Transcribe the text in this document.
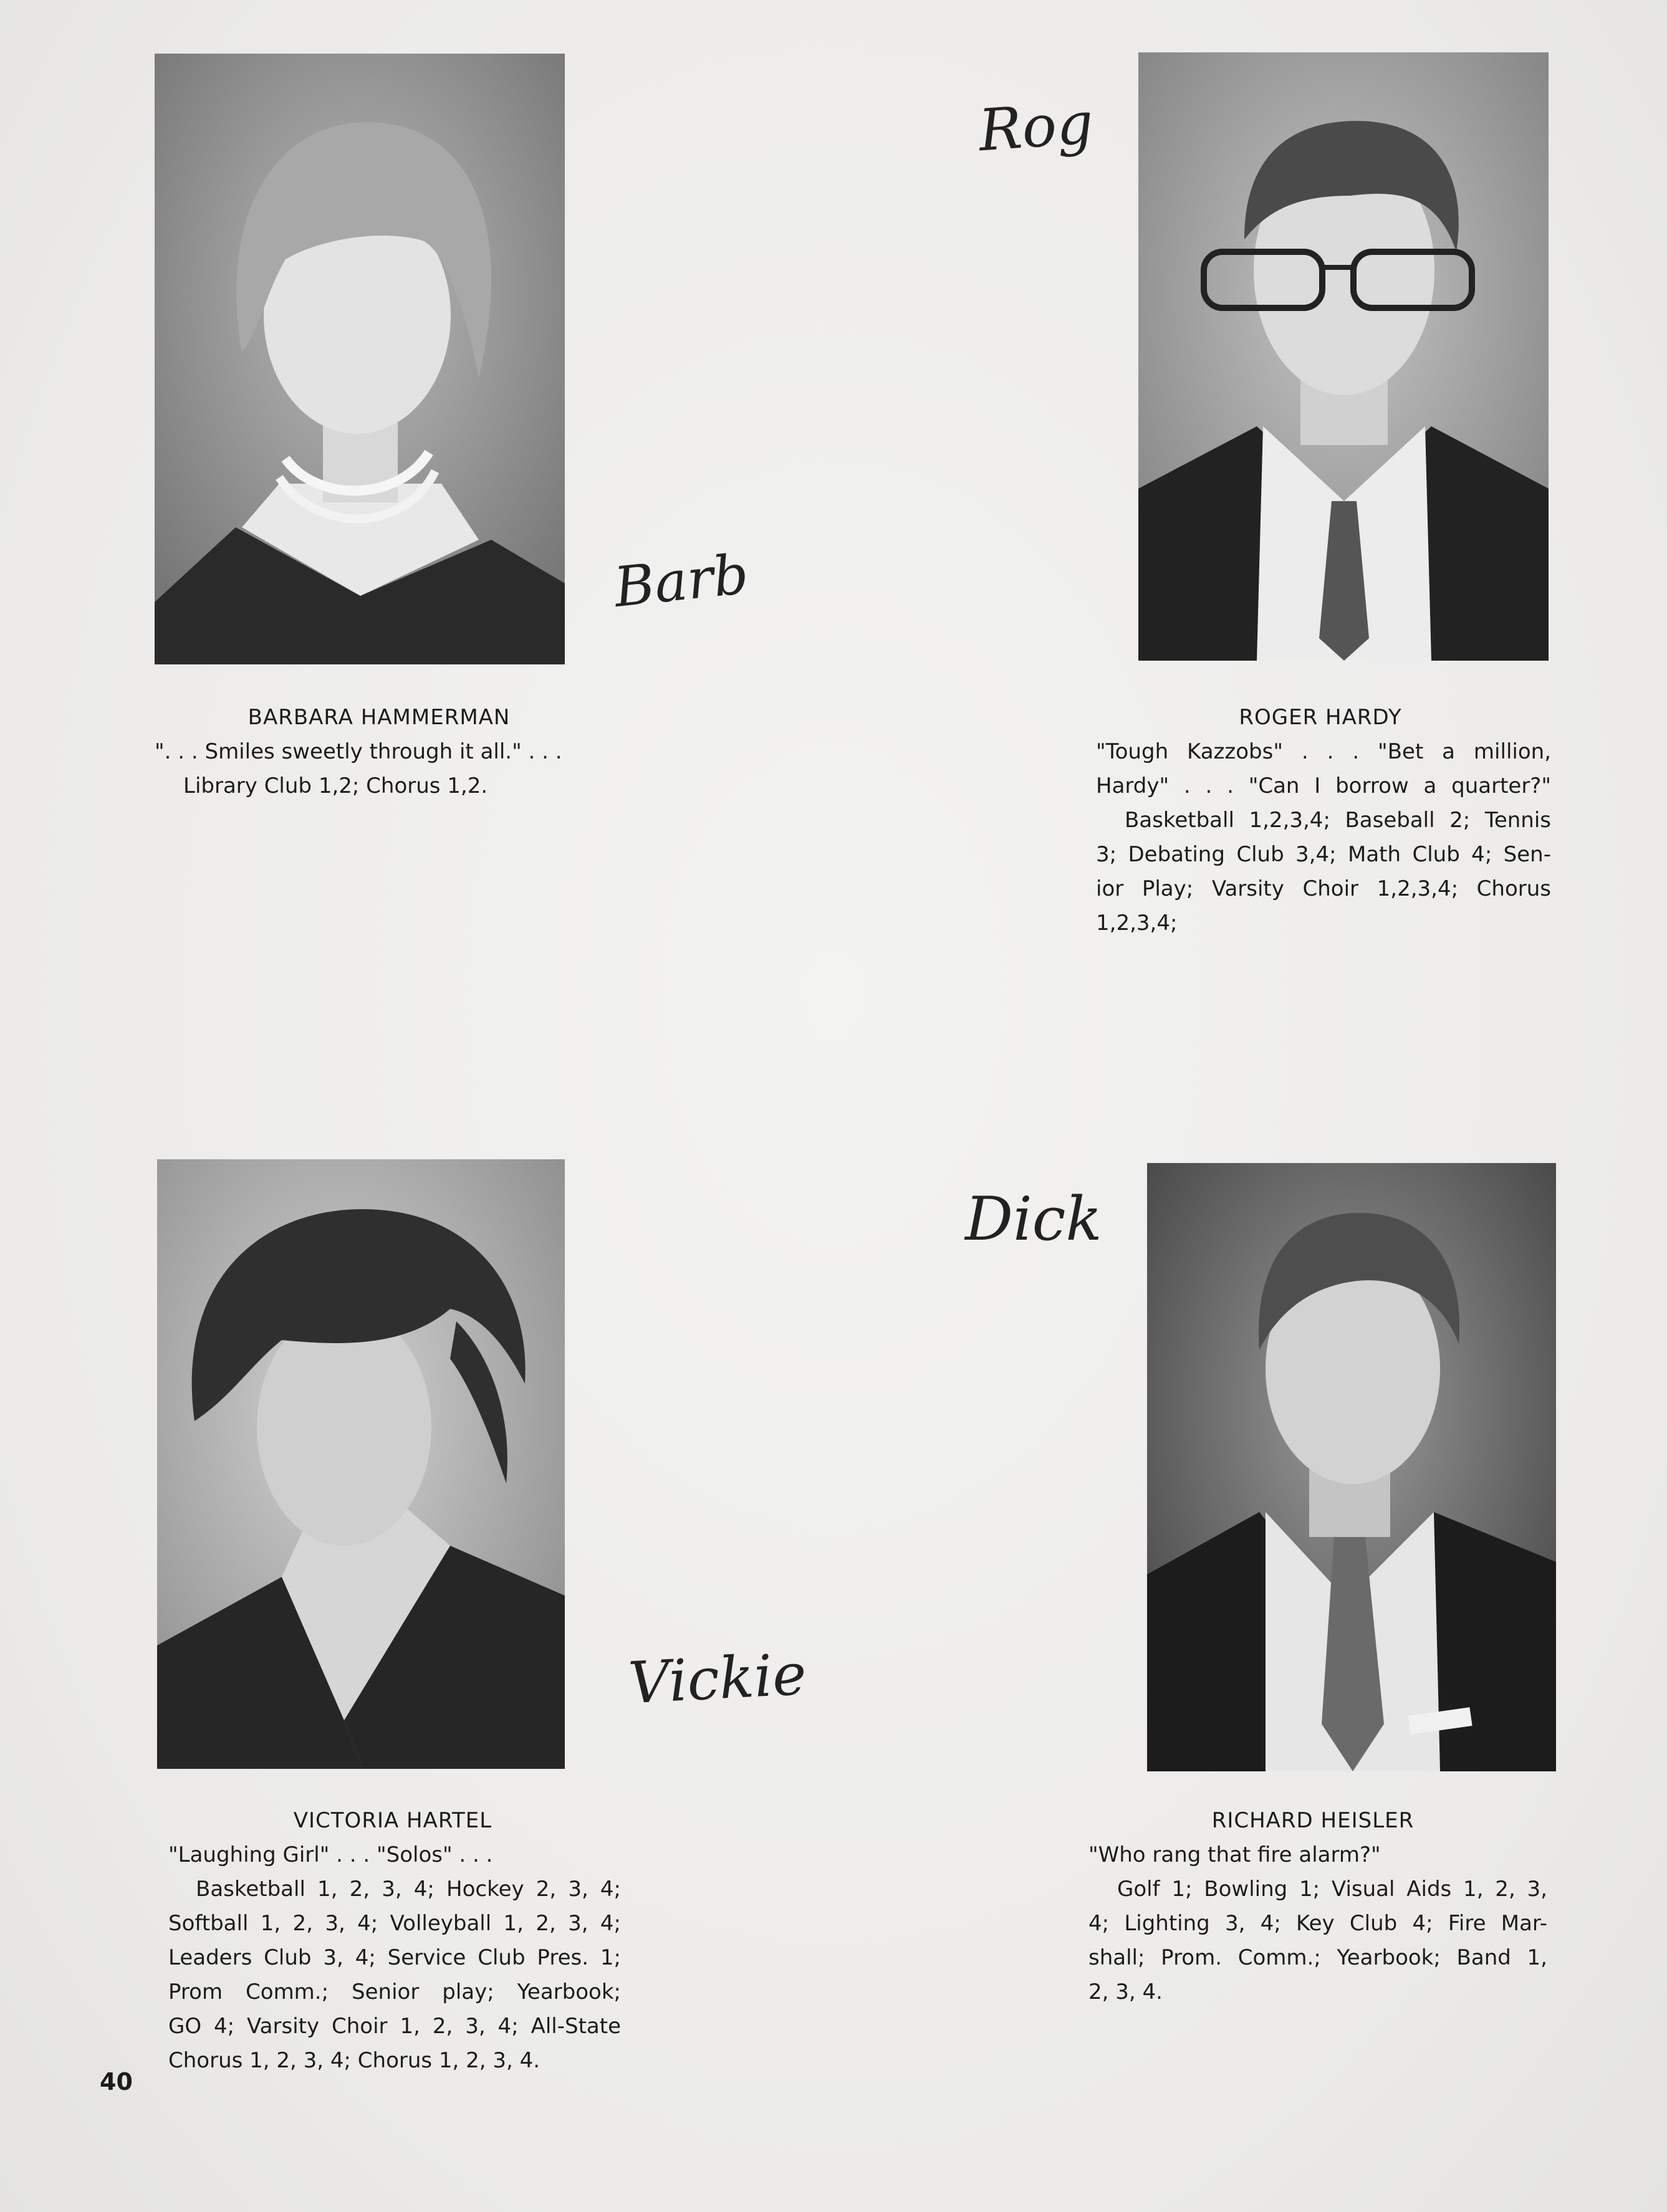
Barb
BARBARA HAMMERMAN
". . . Smiles sweetly through it all." . . .
Library Club 1,2; Chorus 1,2.
Rog
ROGER HARDY
"Tough Kazzobs" . . . "Bet a million,
Hardy" . . . "Can I borrow a quarter?"
Basketball 1,2,3,4; Baseball 2; Tennis
3; Debating Club 3,4; Math Club 4; Sen-
ior Play; Varsity Choir 1,2,3,4; Chorus
1,2,3,4;
Vickie
VICTORIA HARTEL
"Laughing Girl" . . . "Solos" . . .
Basketball 1, 2, 3, 4; Hockey 2, 3, 4;
Softball 1, 2, 3, 4; Volleyball 1, 2, 3, 4;
Leaders Club 3, 4; Service Club Pres. 1;
Prom Comm.; Senior play; Yearbook;
GO 4; Varsity Choir 1, 2, 3, 4; All-State
Chorus 1, 2, 3, 4; Chorus 1, 2, 3, 4.
Dick
RICHARD HEISLER
"Who rang that fire alarm?"
Golf 1; Bowling 1; Visual Aids 1, 2, 3,
4; Lighting 3, 4; Key Club 4; Fire Mar-
shall; Prom. Comm.; Yearbook; Band 1,
2, 3, 4.
40
